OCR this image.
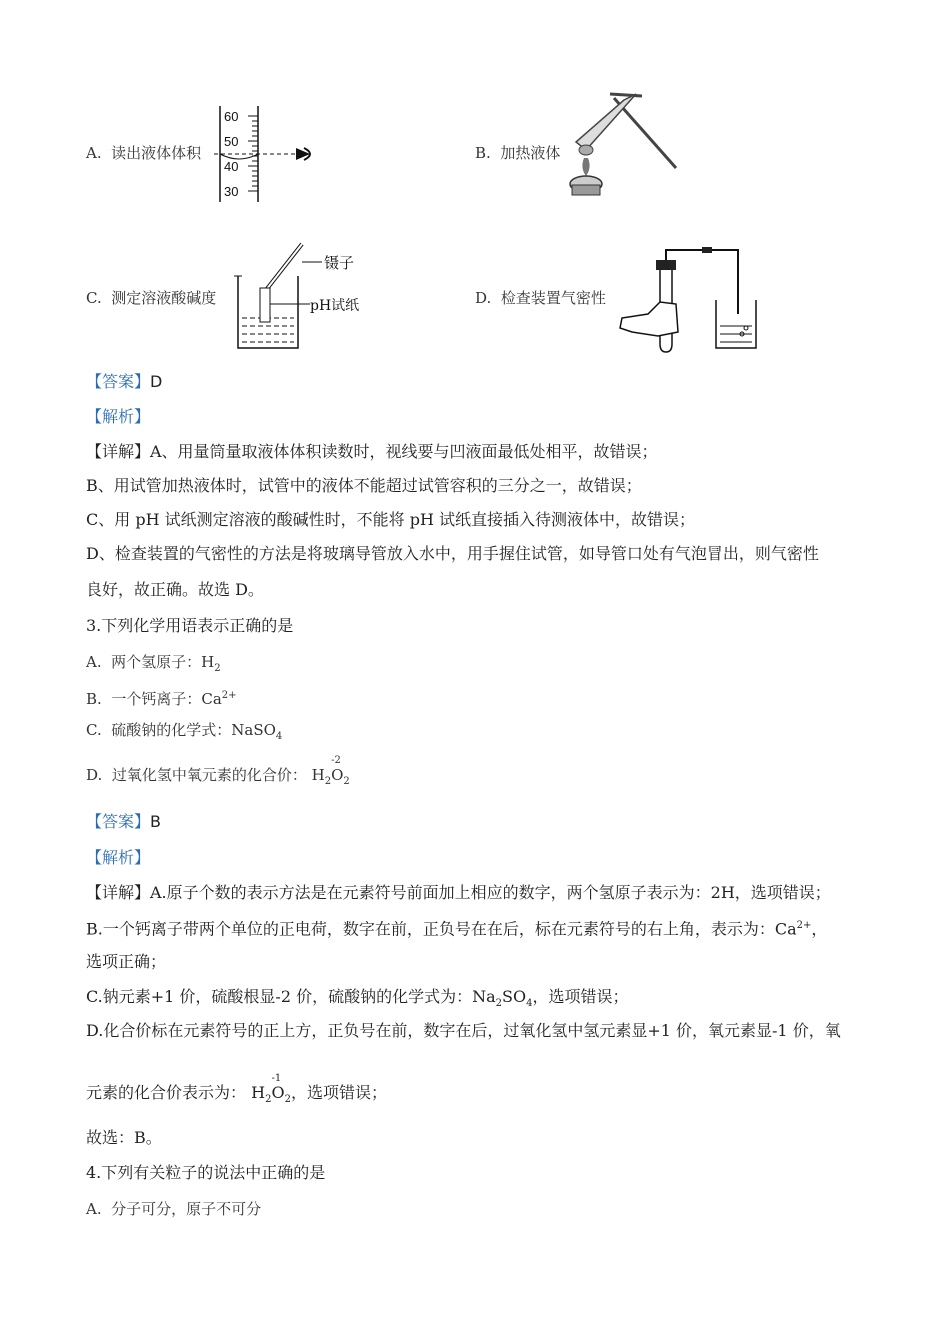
A. 读出液体体积
60
50
40
30
B. 加热液体
C. 测定溶液酸碱度
镊子
pH试纸	D. 检查装置气密性
【答案】D
【解析】
【详解】A、用量筒量取液体体积读数时，视线要与凹液面最低处相平，故错误；
B、用试管加热液体时，试管中的液体不能超过试管容积的三分之一，故错误；
C、用 pH 试纸测定溶液的酸碱性时，不能将 pH 试纸直接插入待测液体中，故错误；
D、检查装置的气密性的方法是将玻璃导管放入水中，用手握住试管，如导管口处有气泡冒出，则气密性
良好，故正确。故选 D。
3.下列化学用语表示正确的是
A. 两个氢原子：$H_2$
B. 一个钙离子：$Ca^{2+}$
C. 硫酸钠的化学式：NaSO$_4$
D. 过氧化氢中氧元素的化合价： $H_2$
-2
$O_2$
【答案】B
【解析】
【详解】A.原子个数的表示方法是在元素符号前面加上相应的数字，两个氢原子表示为：2H，选项错误；
B.一个钙离子带两个单位的正电荷，数字在前，正负号在在后，标在元素符号的右上角，表示为：$Ca^{2+}$，
选项正确；
C.钠元素+1 价，硫酸根显-2 价，硫酸钠的化学式为：$Na_2SO_4$，选项错误；
D.化合价标在元素符号的正上方，正负号在前，数字在后，过氧化氢中氢元素显+1 价，氧元素显-1 价，氧
元素的化合价表示为： $H_2$
-1
$O_2$，选项错误；
故选：B。
4.下列有关粒子的说法中正确的是
A. 分子可分，原子不可分
